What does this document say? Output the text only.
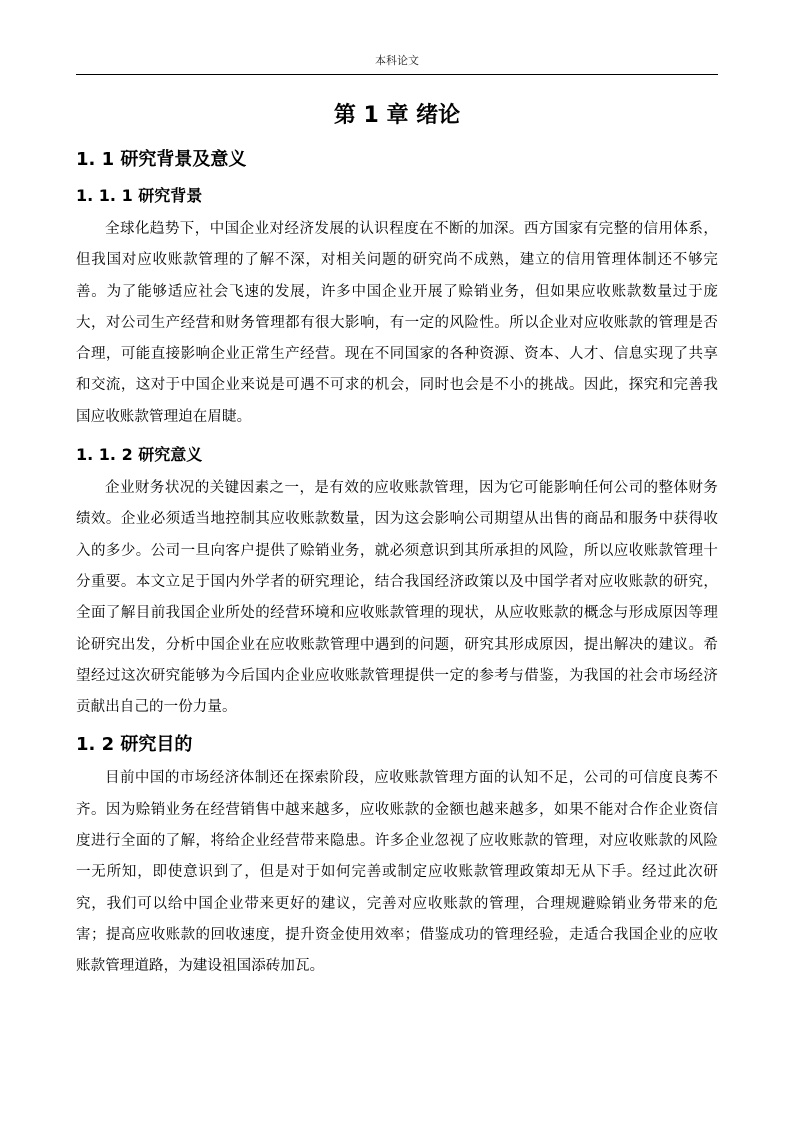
本科论文
第 1 章 绪论
1. 1 研究背景及意义
1. 1. 1 研究背景

全球化趋势下，中国企业对经济发展的认识程度在不断的加深。西方国家有完整的信用体系，但我国对应收账款管理的了解不深，对相关问题的研究尚不成熟，建立的信用管理体制还不够完善。为了能够适应社会飞速的发展，许多中国企业开展了赊销业务，但如果应收账款数量过于庞大，对公司生产经营和财务管理都有很大影响，有一定的风险性。所以企业对应收账款的管理是否合理，可能直接影响企业正常生产经营。现在不同国家的各种资源、资本、人才、信息实现了共享和交流，这对于中国企业来说是可遇不可求的机会，同时也会是不小的挑战。因此，探究和完善我国应收账款管理迫在眉睫。

1. 1. 2 研究意义

企业财务状况的关键因素之一，是有效的应收账款管理，因为它可能影响任何公司的整体财务绩效。企业必须适当地控制其应收账款数量，因为这会影响公司期望从出售的商品和服务中获得收入的多少。公司一旦向客户提供了赊销业务，就必须意识到其所承担的风险，所以应收账款管理十分重要。本文立足于国内外学者的研究理论，结合我国经济政策以及中国学者对应收账款的研究，全面了解目前我国企业所处的经营环境和应收账款管理的现状，从应收账款的概念与形成原因等理论研究出发，分析中国企业在应收账款管理中遇到的问题，研究其形成原因，提出解决的建议。希望经过这次研究能够为今后国内企业应收账款管理提供一定的参考与借鉴，为我国的社会市场经济贡献出自己的一份力量。

1. 2 研究目的

目前中国的市场经济体制还在探索阶段，应收账款管理方面的认知不足，公司的可信度良莠不齐。因为赊销业务在经营销售中越来越多，应收账款的金额也越来越多，如果不能对合作企业资信度进行全面的了解，将给企业经营带来隐患。许多企业忽视了应收账款的管理，对应收账款的风险一无所知，即使意识到了，但是对于如何完善或制定应收账款管理政策却无从下手。经过此次研究，我们可以给中国企业带来更好的建议，完善对应收账款的管理，合理规避赊销业务带来的危害；提高应收账款的回收速度，提升资金使用效率；借鉴成功的管理经验，走适合我国企业的应收账款管理道路，为建设祖国添砖加瓦。
